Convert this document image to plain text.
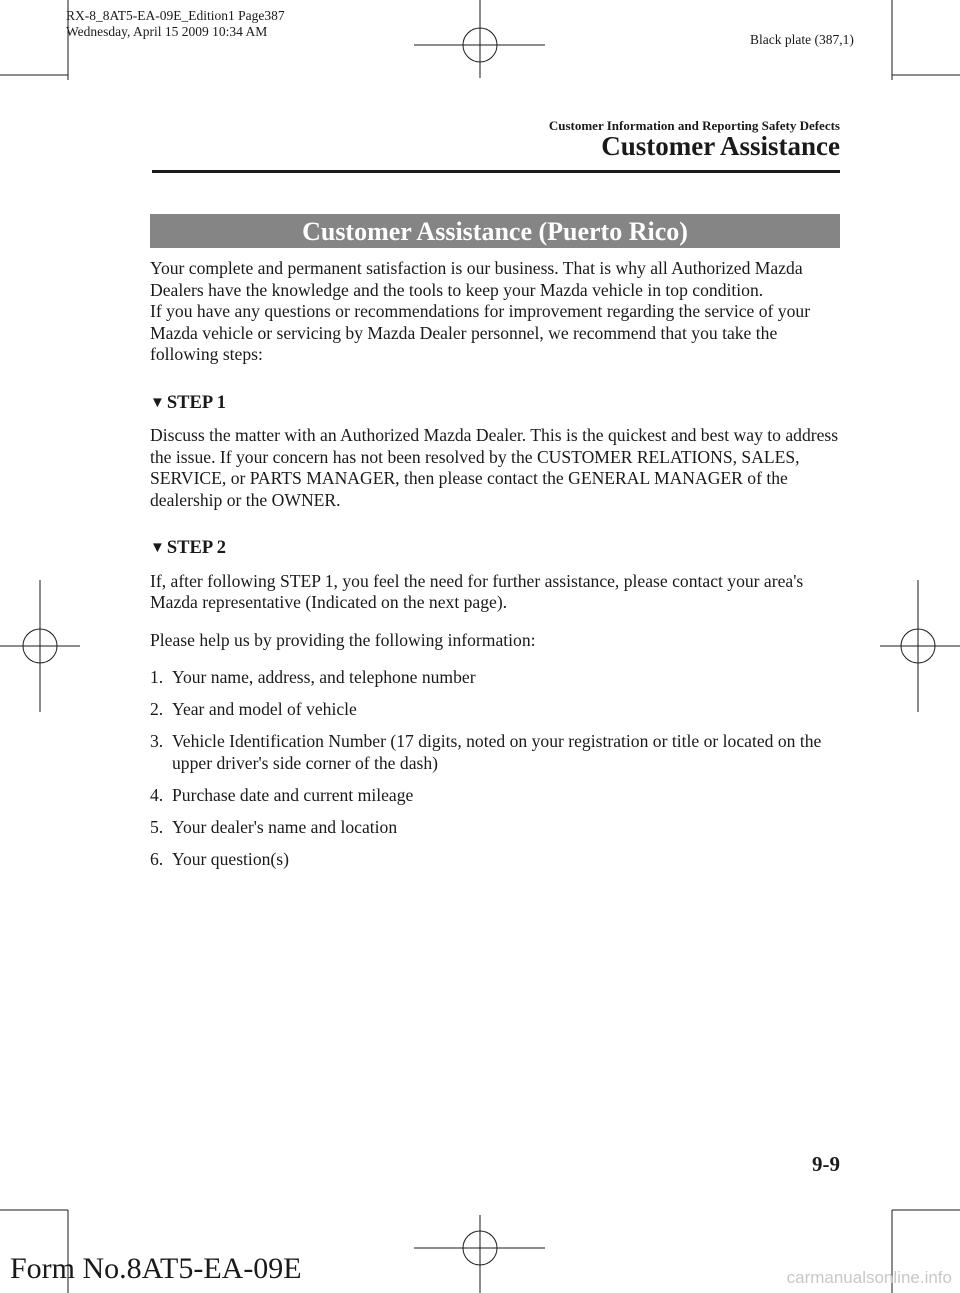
RX-8_8AT5-EA-09E_Edition1 Page387
Wednesday, April 15 2009 10:34 AM
Black plate (387,1)
Customer Information and Reporting Safety Defects
Customer Assistance
Customer Assistance (Puerto Rico)

Your complete and permanent satisfaction is our business. That is why all Authorized Mazda Dealers have the knowledge and the tools to keep your Mazda vehicle in top condition.

If you have any questions or recommendations for improvement regarding the service of your Mazda vehicle or servicing by Mazda Dealer personnel, we recommend that you take the following steps:

▼ STEP 1

Discuss the matter with an Authorized Mazda Dealer. This is the quickest and best way to address the issue. If your concern has not been resolved by the CUSTOMER RELATIONS, SALES, SERVICE, or PARTS MANAGER, then please contact the GENERAL MANAGER of the dealership or the OWNER.

▼ STEP 2

If, after following STEP 1, you feel the need for further assistance, please contact your area's Mazda representative (Indicated on the next page).

Please help us by providing the following information:

1. Your name, address, and telephone number
2. Year and model of vehicle
3. Vehicle Identification Number (17 digits, noted on your registration or title or located on the upper driver's side corner of the dash)
4. Purchase date and current mileage
5. Your dealer's name and location
6. Your question(s)
9-9
Form No.8AT5-EA-09E	carmanualsonline.info
